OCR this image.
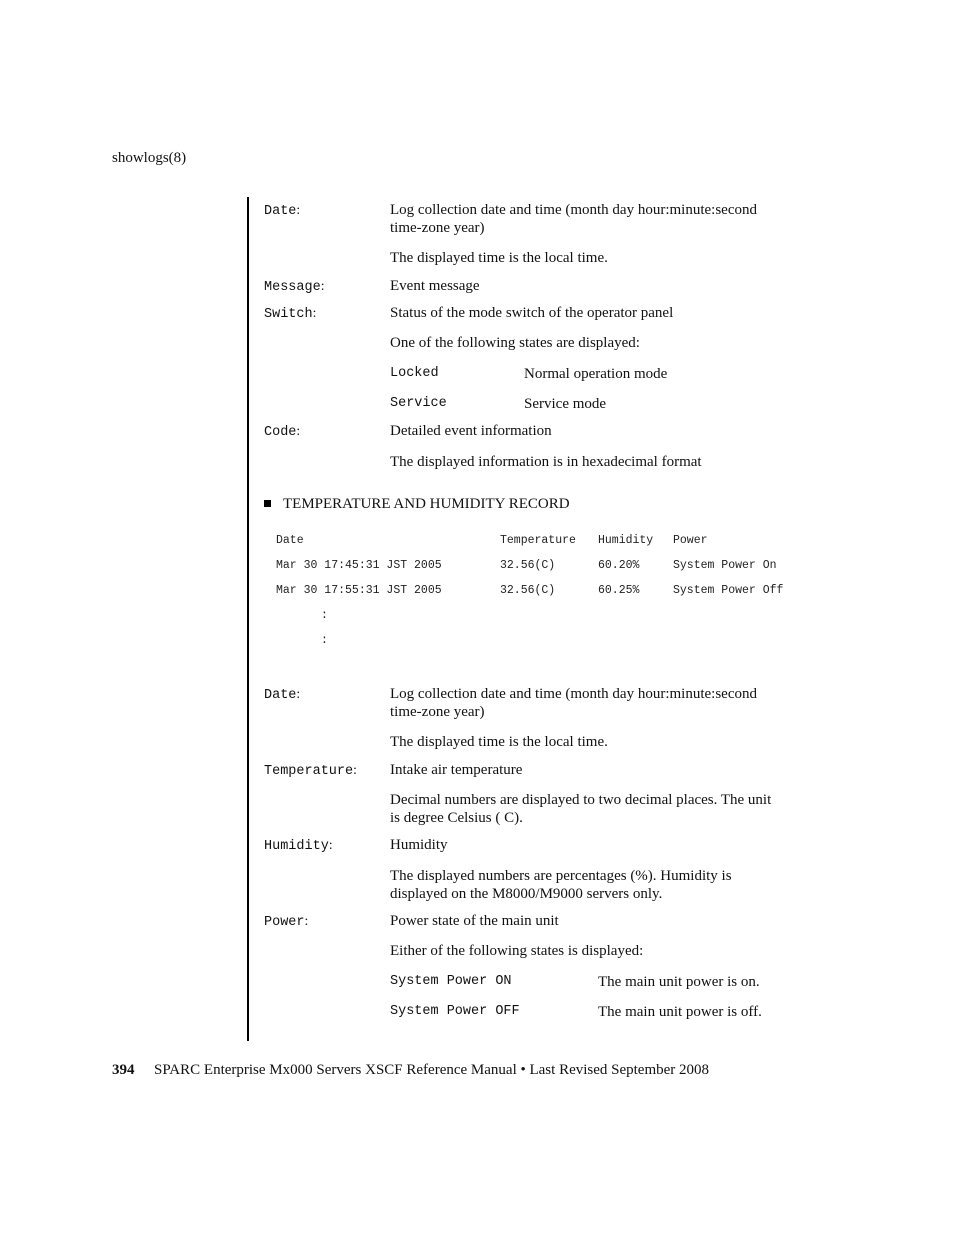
showlogs(8)
Date:	Log collection date and time (month day hour:minute:second
time-zone year)
The displayed time is the local time.
Message:	Event message
Switch:	Status of the mode switch of the operator panel
One of the following states are displayed:
Locked	Normal operation mode
Service	Service mode
Code:	Detailed event information
The displayed information is in hexadecimal format
TEMPERATURE AND HUMIDITY RECORD
Date	Temperature Humidity Power
Mar 30 17:45:31 JST 2005	32.56(C)	60.20%	System Power On
Mar 30 17:55:31 JST 2005	32.56(C)	60.25%	System Power Off
:
:
Date:	Log collection date and time (month day hour:minute:second
time-zone year)
The displayed time is the local time.
Temperature: Intake air temperature
Decimal numbers are displayed to two decimal places. The unit
is degree Celsius ( C).
Humidity:	Humidity
The displayed numbers are percentages (%). Humidity is
displayed on the M8000/M9000 servers only.
Power:	Power state of the main unit
Either of the following states is displayed:
System Power ON	The main unit power is on.
System Power OFF	The main unit power is off.
394 SPARC Enterprise Mx000 Servers XSCF Reference Manual • Last Revised September 2008
